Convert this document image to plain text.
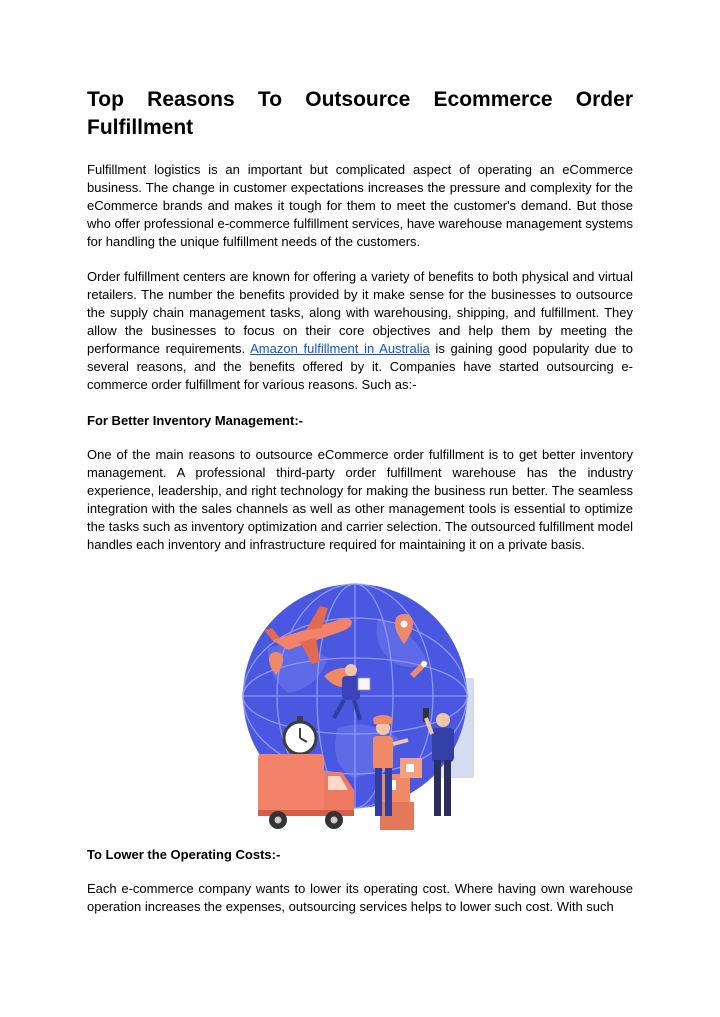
Top Reasons To Outsource Ecommerce Order
Fulfillment

Fulfillment logistics is an important but complicated aspect of operating an eCommerce business. The change in customer expectations increases the pressure and complexity for the eCommerce brands and makes it tough for them to meet the customer's demand. But those who offer professional e-commerce fulfillment services, have warehouse management systems for handling the unique fulfillment needs of the customers.

Order fulfillment centers are known for offering a variety of benefits to both physical and virtual retailers. The number the benefits provided by it make sense for the businesses to outsource the supply chain management tasks, along with warehousing, shipping, and fulfillment. They allow the businesses to focus on their core objectives and help them by meeting the performance requirements. Amazon fulfillment in Australia is gaining good popularity due to several reasons, and the benefits offered by it. Companies have started outsourcing e-commerce order fulfillment for various reasons. Such as:-

For Better Inventory Management:-

One of the main reasons to outsource eCommerce order fulfillment is to get better inventory management. A professional third-party order fulfillment warehouse has the industry experience, leadership, and right technology for making the business run better. The seamless integration with the sales channels as well as other management tools is essential to optimize the tasks such as inventory optimization and carrier selection. The outsourced fulfillment model handles each inventory and infrastructure required for maintaining it on a private basis.

To Lower the Operating Costs:-

Each e-commerce company wants to lower its operating cost. Where having own warehouse operation increases the expenses, outsourcing services helps to lower such cost. With such
